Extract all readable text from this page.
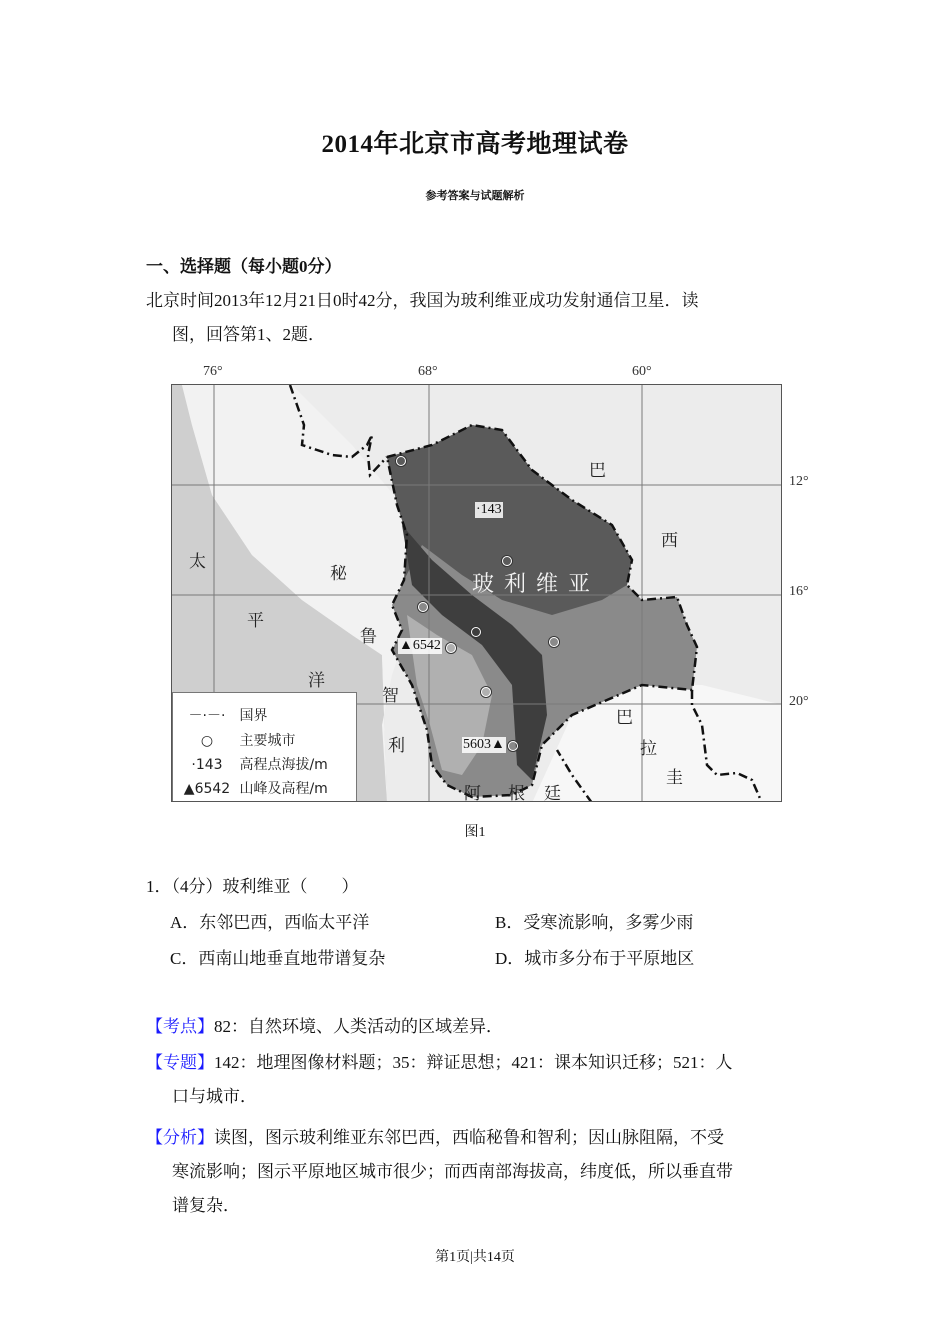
2014年北京市高考地理试卷
参考答案与试题解析
一、选择题（每小题0分）
北京时间2013年12月21日0时42分，我国为玻利维亚成功发射通信卫星．读
图，回答第1、2题．
76°	68°	60°
12°
16°
20°
巴
西
玻利维亚
秘
鲁
智
利
太
平
洋
巴
拉
圭
阿 根 廷
·143
▲6542
5603▲
－·－· 国界
○ 主要城市
·143 高程点海拔/m
▲6542 山峰及高程/m
图1
1．（4分）玻利维亚（　　）
A．东邻巴西，西临太平洋	B．受寒流影响，多雾少雨
C．西南山地垂直地带谱复杂	D．城市多分布于平原地区
【考点】82：自然环境、人类活动的区域差异．
【专题】142：地理图像材料题；35：辩证思想；421：课本知识迁移；521：人
口与城市．
【分析】读图，图示玻利维亚东邻巴西，西临秘鲁和智利；因山脉阻隔，不受
寒流影响；图示平原地区城市很少；而西南部海拔高，纬度低，所以垂直带
谱复杂．
第1页|共14页
